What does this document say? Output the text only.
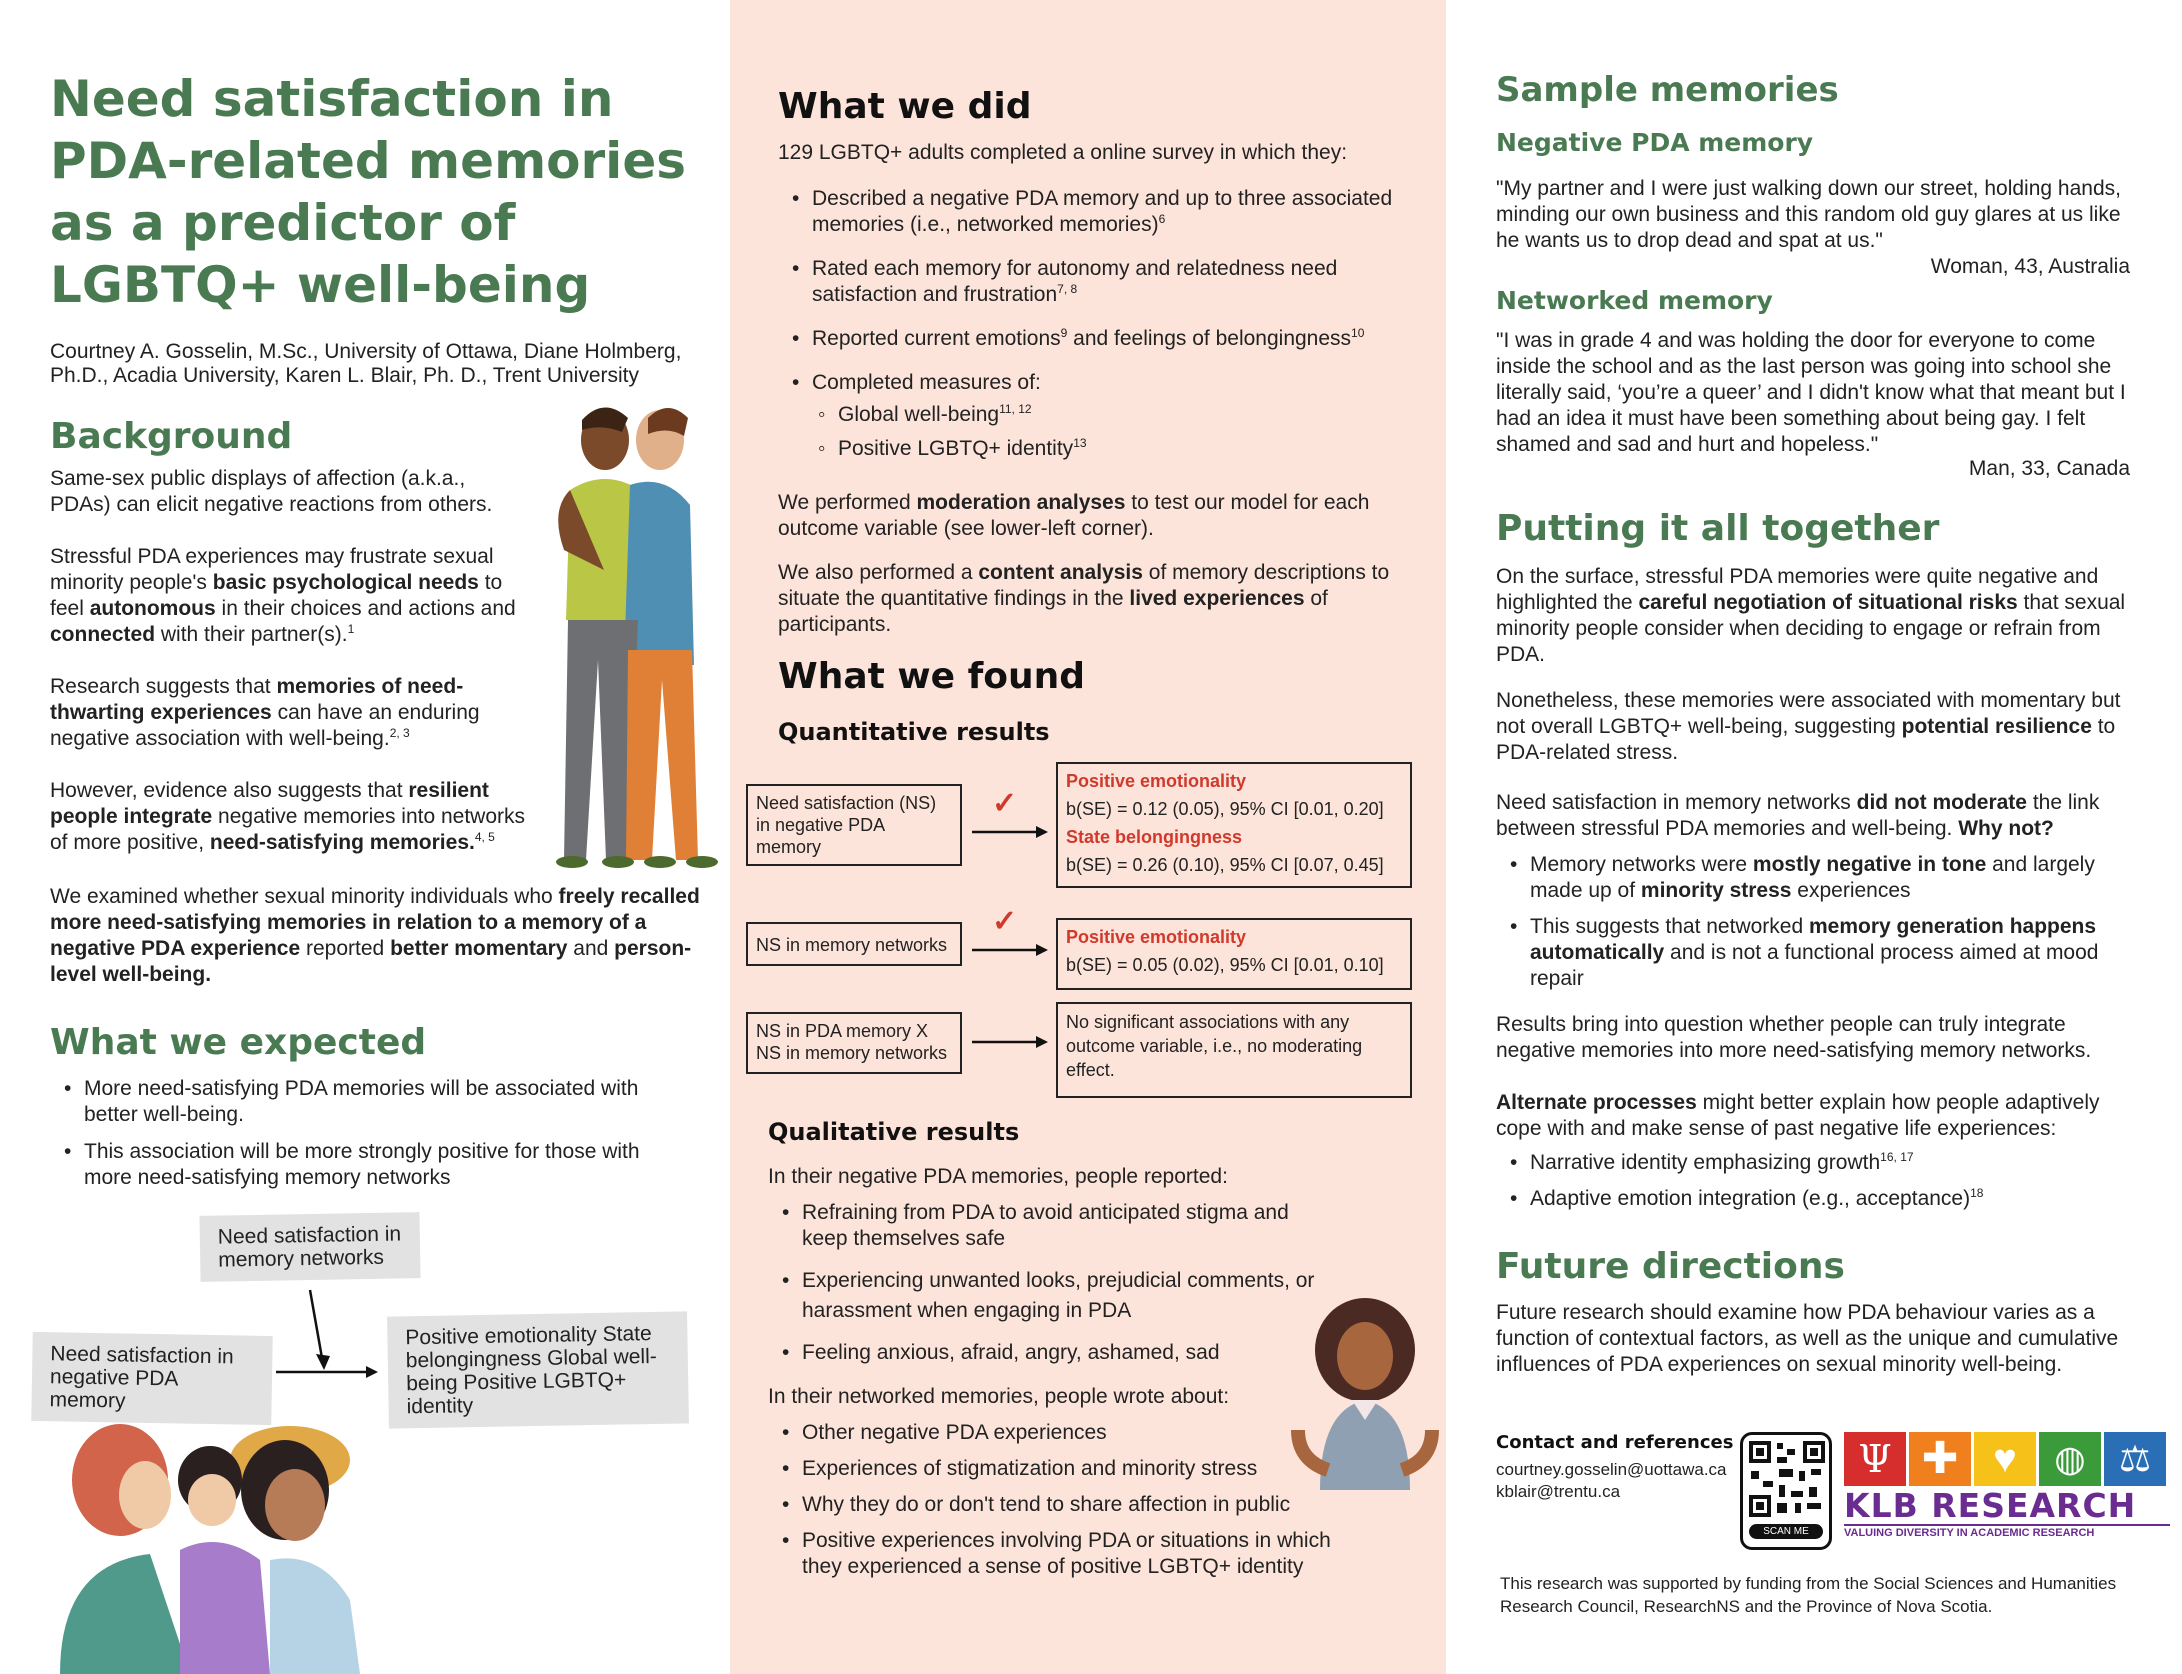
Need satisfaction in PDA-related memories as a predictor of LGBTQ+ well-being

Courtney A. Gosselin, M.Sc., University of Ottawa, Diane Holmberg, Ph.D., Acadia University, Karen L. Blair, Ph. D., Trent University

Background

Same-sex public displays of affection (a.k.a., PDAs) can elicit negative reactions from others.

Stressful PDA experiences may frustrate sexual minority people's basic psychological needs to feel autonomous in their choices and actions and connected with their partner(s).$^1$

Research suggests that memories of need-thwarting experiences can have an enduring negative association with well-being.$^{2, 3}$

However, evidence also suggests that resilient people integrate negative memories into networks of more positive, need-satisfying memories.$^{4, 5}$

We examined whether sexual minority individuals who freely recalled more need-satisfying memories in relation to a memory of a negative PDA experience reported better momentary and person-level well-being.

What we expected
• More need-satisfying PDA memories will be associated with better well-being.
• This association will be more strongly positive for those with more need-satisfying memory networks
Need satisfaction in memory networks
Need satisfaction in negative PDA memory
Positive emotionality State belongingness Global well-being Positive LGBTQ+ identity
What we did

129 LGBTQ+ adults completed a online survey in which they:

• Described a negative PDA memory and up to three associated memories (i.e., networked memories)$^6$
• Rated each memory for autonomy and relatedness need satisfaction and frustration$^{7, 8}$
• Reported current emotions$^9$ and feelings of belongingness$^{10}$
• Completed measures of:
◦ Global well-being$^{11, 12}$
◦ Positive LGBTQ+ identity$^{13}$

We performed moderation analyses to test our model for each outcome variable (see lower-left corner).

We also performed a content analysis of memory descriptions to situate the quantitative findings in the lived experiences of participants.

What we found
Quantitative results
Need satisfaction (NS) in negative PDA memory
✓
Positive emotionality
b(SE) = 0.12 (0.05), 95% CI [0.01, 0.20]
State belongingness
b(SE) = 0.26 (0.10), 95% CI [0.07, 0.45]
NS in memory networks
✓	Positive emotionality
b(SE) = 0.05 (0.02), 95% CI [0.01, 0.10]
NS in PDA memory X NS in memory networks
No significant associations with any outcome variable, i.e., no moderating effect.
Qualitative results

In their negative PDA memories, people reported:

• Refraining from PDA to avoid anticipated stigma and keep themselves safe
• Experiencing unwanted looks, prejudicial comments, or harassment when engaging in PDA
• Feeling anxious, afraid, angry, ashamed, sad

In their networked memories, people wrote about:

• Other negative PDA experiences
• Experiences of stigmatization and minority stress
• Why they do or don't tend to share affection in public
• Positive experiences involving PDA or situations in which they experienced a sense of positive LGBTQ+ identity
Sample memories
Negative PDA memory

"My partner and I were just walking down our street, holding hands, minding our own business and this random old guy glares at us like he wants us to drop dead and spat at us."

Woman, 43, Australia

Networked memory

"I was in grade 4 and was holding the door for everyone to come inside the school and as the last person was going into school she literally said, ‘you’re a queer’ and I didn't know what that meant but I had an idea it must have been something about being gay. I felt shamed and sad and hurt and hopeless."

Man, 33, Canada

Putting it all together

On the surface, stressful PDA memories were quite negative and highlighted the careful negotiation of situational risks that sexual minority people consider when deciding to engage or refrain from PDA.

Nonetheless, these memories were associated with momentary but not overall LGBTQ+ well-being, suggesting potential resilience to PDA-related stress.

Need satisfaction in memory networks did not moderate the link between stressful PDA memories and well-being. Why not?

• Memory networks were mostly negative in tone and largely made up of minority stress experiences
• This suggests that networked memory generation happens automatically and is not a functional process aimed at mood repair

Results bring into question whether people can truly integrate negative memories into more need-satisfying memory networks.

Alternate processes might better explain how people adaptively cope with and make sense of past negative life experiences:

• Narrative identity emphasizing growth$^{16, 17}$
• Adaptive emotion integration (e.g., acceptance)$^{18}$
Future directions

Future research should examine how PDA behaviour varies as a function of contextual factors, as well as the unique and cumulative influences of PDA experiences on sexual minority well-being.

Contact and references
courtney.gosselin@uottawa.ca
kblair@trentu.ca
SCAN ME
Ψ ✚ ♥	◍ ⚖
KLB RESEARCH
VALUING DIVERSITY IN ACADEMIC RESEARCH

This research was supported by funding from the Social Sciences and Humanities Research Council, ResearchNS and the Province of Nova Scotia.
